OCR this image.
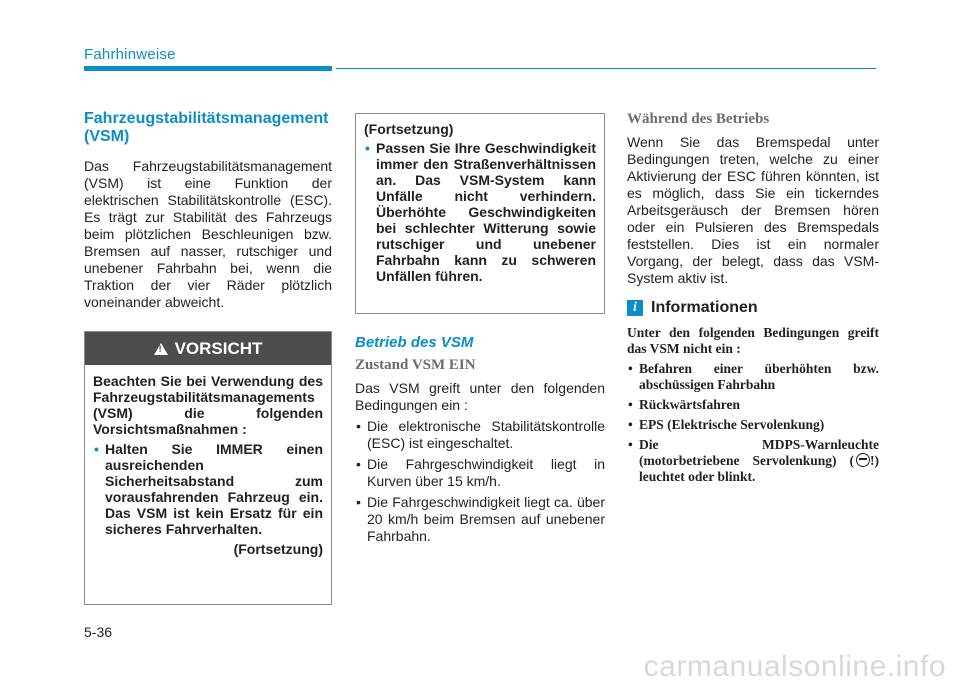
Fahrhinweise
Fahrzeugstabilitätsmanagement (VSM)

Das Fahrzeugstabilitätsmanagement (VSM) ist eine Funktion der elektrischen Stabilitätskontrolle (ESC). Es trägt zur Stabilität des Fahrzeugs beim plötzlichen Beschleunigen bzw. Bremsen auf nasser, rutschiger und unebener Fahrbahn bei, wenn die Traktion der vier Räder plötzlich voneinander abweicht.

!
VORSICHT

Beachten Sie bei Verwendung des Fahrzeugstabilitätsmanagements (VSM) die folgenden Vorsichtsmaßnahmen :

• Halten Sie IMMER einen ausreichenden Sicherheitsabstand zum vorausfahrenden Fahrzeug ein. Das VSM ist kein Ersatz für ein sicheres Fahrverhalten.

(Fortsetzung)

(Fortsetzung)

• Passen Sie Ihre Geschwindigkeit immer den Straßenverhältnissen an. Das VSM-System kann Unfälle nicht verhindern. Überhöhte Geschwindigkeiten bei schlechter Witterung sowie rutschiger und unebener Fahrbahn kann zu schweren Unfällen führen.

Betrieb des VSM
Zustand VSM EIN

Das VSM greift unter den folgenden Bedingungen ein :

• Die elektronische Stabilitätskontrolle (ESC) ist eingeschaltet.

• Die Fahrgeschwindigkeit liegt in Kurven über 15 km/h.

• Die Fahrgeschwindigkeit liegt ca. über 20 km/h beim Bremsen auf unebener Fahrbahn.

Während des Betriebs

Wenn Sie das Bremspedal unter Bedingungen treten, welche zu einer Aktivierung der ESC führen könnten, ist es möglich, dass Sie ein tickerndes Arbeitsgeräusch der Bremsen hören oder ein Pulsieren des Bremspedals feststellen. Dies ist ein normaler Vorgang, der belegt, dass das VSM-System aktiv ist.

i Informationen

Unter den folgenden Bedingungen greift das VSM nicht ein :

• Befahren einer überhöhten bzw. abschüssigen Fahrbahn

• Rückwärtsfahren

• EPS (Elektrische Servolenkung)

• Die MDPS-Warnleuchte (motorbetriebene Servolenkung) ( !) leuchtet oder blinkt.

5-36
carmanualsonline.info
